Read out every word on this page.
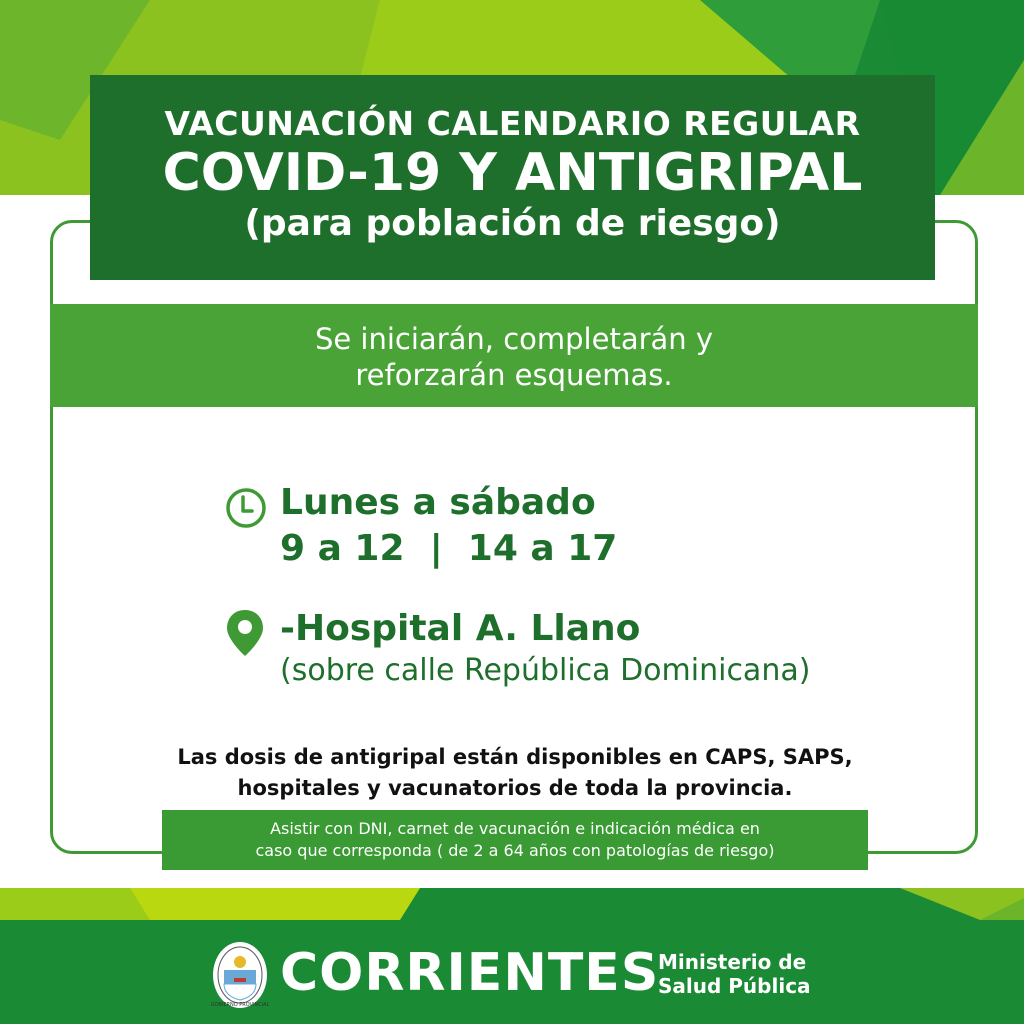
VACUNACIÓN CALENDARIO REGULAR
COVID-19 Y ANTIGRIPAL
(para población de riesgo)
Se iniciarán, completarán y
reforzarán esquemas.
Lunes a sábado
9 a 12  |  14 a 17
-Hospital A. Llano
(sobre calle República Dominicana)
Las dosis de antigripal están disponibles en CAPS, SAPS,
hospitales y vacunatorios de toda la provincia.
Asistir con DNI, carnet de vacunación e indicación médica en
caso que corresponda ( de 2 a 64 años con patologías de riesgo)
GOBIERNO PROVINCIAL
CORRIENTES
Ministerio de
Salud Pública
